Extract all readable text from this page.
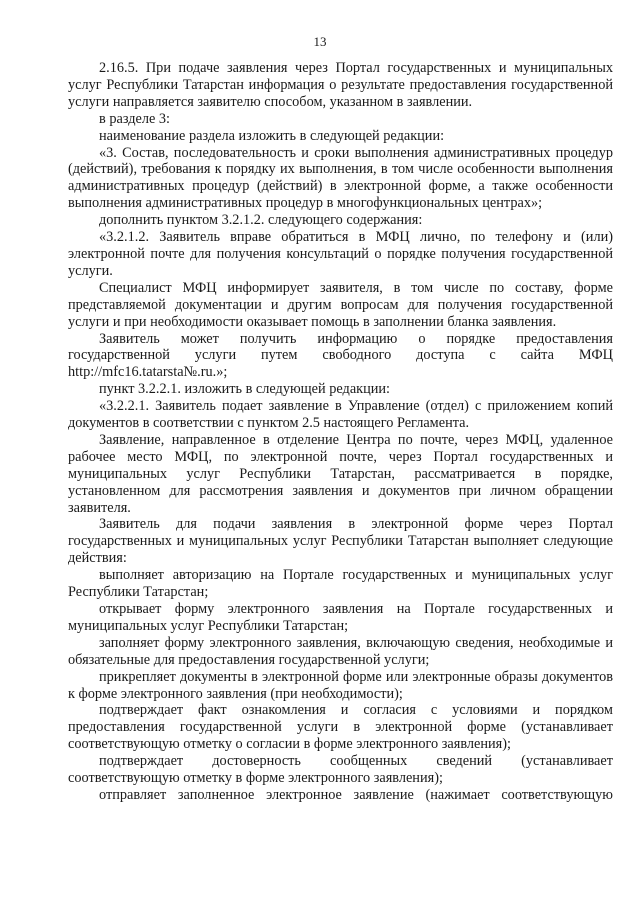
13

2.16.5. При подаче заявления через Портал государственных и муниципальных услуг Республики Татарстан информация о результате предоставления государственной услуги направляется заявителю способом, указанном в заявлении.

в разделе 3:

наименование раздела изложить в следующей редакции:

«3. Состав, последовательность и сроки выполнения административных процедур (действий), требования к порядку их выполнения, в том числе особенности выполнения административных процедур (действий) в электронной форме, а также особенности выполнения административных процедур в многофункциональных центрах»;

дополнить пунктом 3.2.1.2. следующего содержания:

«3.2.1.2. Заявитель вправе обратиться в МФЦ лично, по телефону и (или) электронной почте для получения консультаций о порядке получения государственной услуги.

Специалист МФЦ информирует заявителя, в том числе по составу, форме представляемой документации и другим вопросам для получения государственной услуги и при необходимости оказывает помощь в заполнении бланка заявления.

Заявитель может получить информацию о порядке предоставления государственной услуги путем свободного доступа с сайта МФЦ http://mfc16.tatarsta№.ru.»;

пункт 3.2.2.1. изложить в следующей редакции:

«3.2.2.1. Заявитель подает заявление в Управление (отдел) с приложением копий документов в соответствии с пунктом 2.5 настоящего Регламента.

Заявление, направленное в отделение Центра по почте, через МФЦ, удаленное рабочее место МФЦ, по электронной почте, через Портал государственных и муниципальных услуг Республики Татарстан, рассматривается в порядке, установленном для рассмотрения заявления и документов при личном обращении заявителя.

Заявитель для подачи заявления в электронной форме через Портал государственных и муниципальных услуг Республики Татарстан выполняет следующие действия:

выполняет авторизацию на Портале государственных и муниципальных услуг Республики Татарстан;

открывает форму электронного заявления на Портале государственных и муниципальных услуг Республики Татарстан;

заполняет форму электронного заявления, включающую сведения, необходимые и обязательные для предоставления государственной услуги;

прикрепляет документы в электронной форме или электронные образы документов к форме электронного заявления (при необходимости);

подтверждает факт ознакомления и согласия с условиями и порядком предоставления государственной услуги в электронной форме (устанавливает соответствующую отметку о согласии в форме электронного заявления);

подтверждает достоверность сообщенных сведений (устанавливает соответствующую отметку в форме электронного заявления);

отправляет заполненное электронное заявление (нажимает соответствующую
